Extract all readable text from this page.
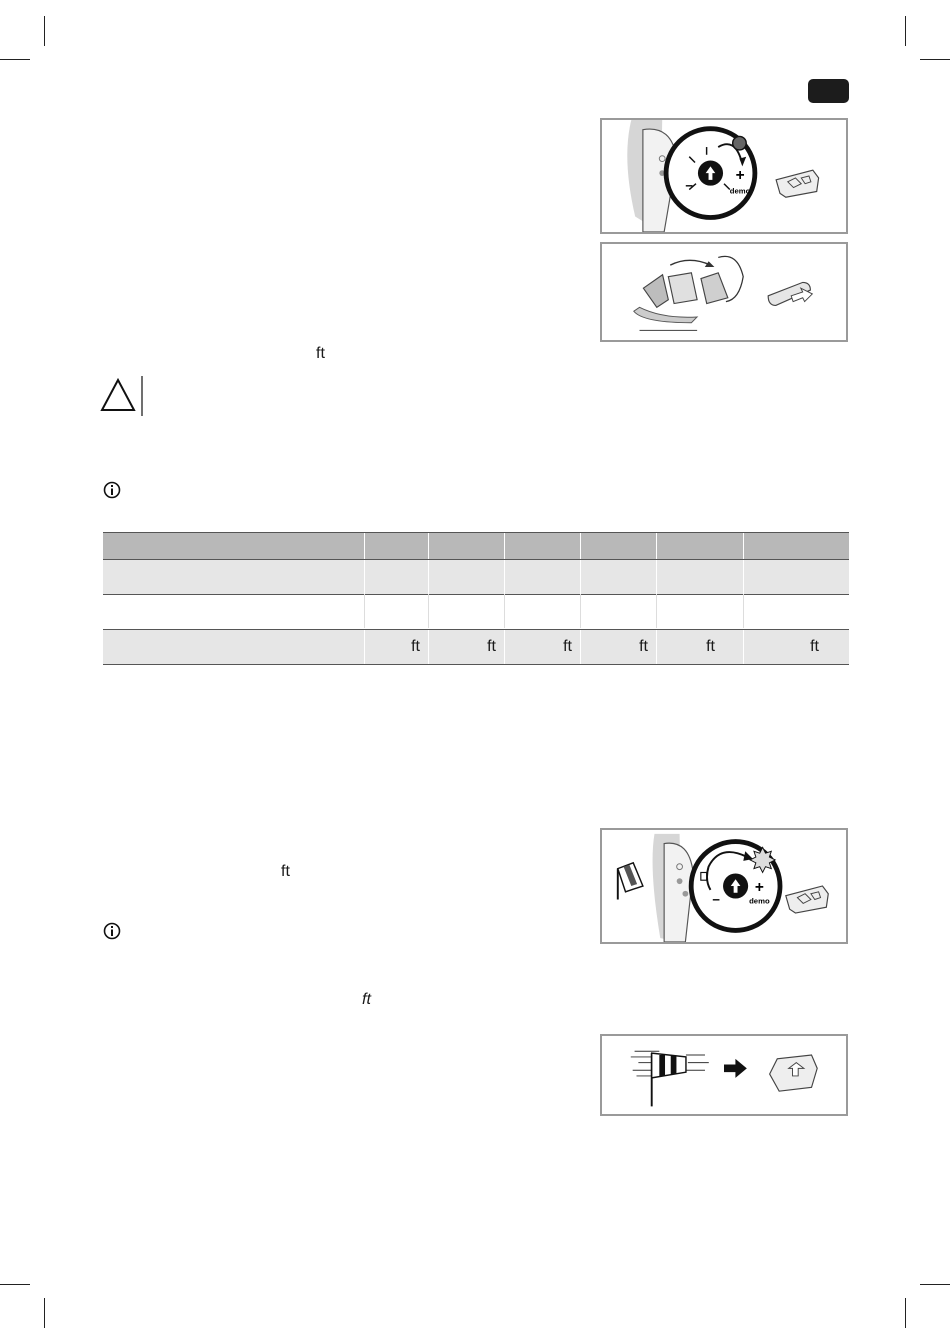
+
–	demo
ft
ft	ft	ft	ft	ft	ft
+
–	demo
ft
ft
